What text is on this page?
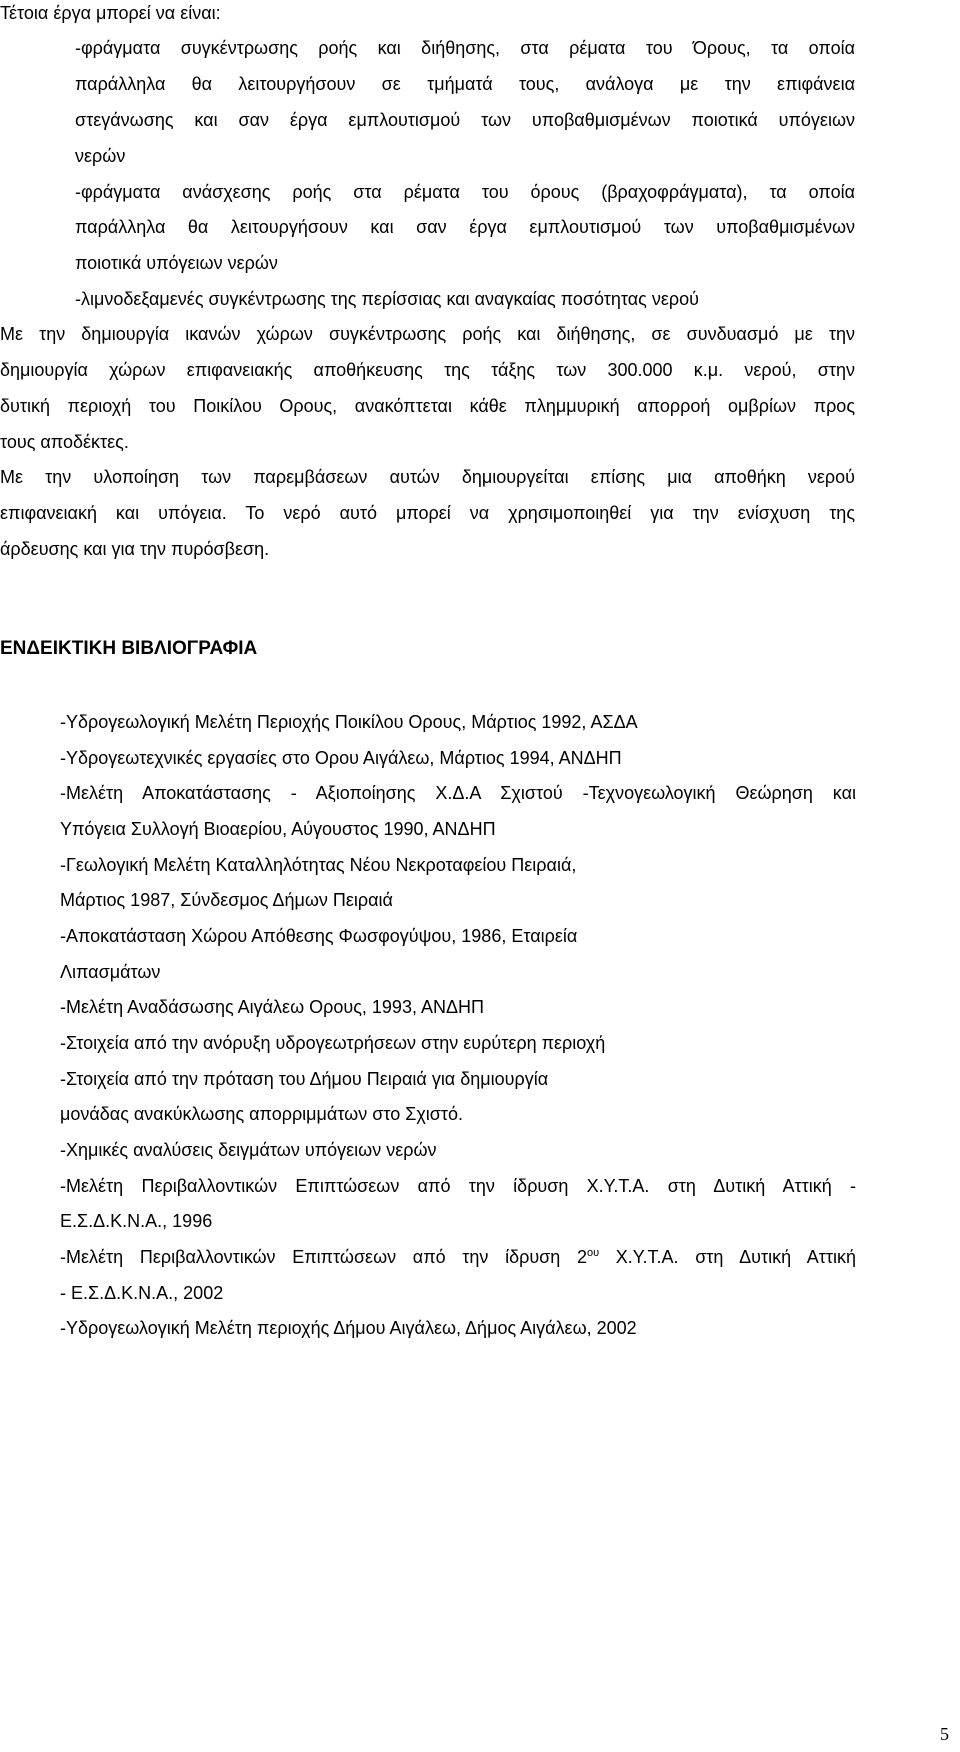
Τέτοια έργα μπορεί να είναι:
-φράγματα συγκέντρωσης ροής και διήθησης, στα ρέματα του Όρους, τα οποία
παράλληλα θα λειτουργήσουν σε τμήματά τους, ανάλογα με την επιφάνεια
στεγάνωσης και σαν έργα εμπλουτισμού των υποβαθμισμένων ποιοτικά υπόγειων
νερών
-φράγματα ανάσχεσης ροής στα ρέματα του όρους (βραχοφράγματα), τα οποία
παράλληλα θα λειτουργήσουν και σαν έργα εμπλουτισμού των υποβαθμισμένων
ποιοτικά υπόγειων νερών
-λιμνοδεξαμενές συγκέντρωσης της περίσσιας και αναγκαίας ποσότητας νερού
Με την δημιουργία ικανών χώρων συγκέντρωσης ροής και διήθησης, σε συνδυασμό με την
δημιουργία χώρων επιφανειακής αποθήκευσης της τάξης των 300.000 κ.μ. νερού, στην
δυτική περιοχή του Ποικίλου Ορους, ανακόπτεται κάθε πλημμυρική απορροή ομβρίων προς
τους αποδέκτες.
Με την υλοποίηση των παρεμβάσεων αυτών δημιουργείται επίσης μια αποθήκη νερού
επιφανειακή και υπόγεια. Το νερό αυτό μπορεί να χρησιμοποιηθεί για την ενίσχυση της
άρδευσης και για την πυρόσβεση.
ΕΝΔΕΙΚΤΙΚΗ ΒΙΒΛΙΟΓΡΑΦΙΑ
-Υδρογεωλογική Μελέτη Περιοχής Ποικίλου Ορους, Μάρτιος 1992, ΑΣΔΑ
-Υδρογεωτεχνικές εργασίες στο Ορου Αιγάλεω, Μάρτιος 1994, ΑΝΔΗΠ
-Μελέτη Αποκατάστασης - Αξιοποίησης Χ.Δ.Α Σχιστού -Τεχνογεωλογική Θεώρηση και
Υπόγεια Συλλογή Βιοαερίου, Αύγουστος 1990, ΑΝΔΗΠ
-Γεωλογική Μελέτη Καταλληλότητας Νέου Νεκροταφείου Πειραιά,
Μάρτιος 1987, Σύνδεσμος Δήμων Πειραιά
-Αποκατάσταση Χώρου Απόθεσης Φωσφογύψου, 1986, Εταιρεία
Λιπασμάτων
-Μελέτη Αναδάσωσης Αιγάλεω Ορους, 1993, ΑΝΔΗΠ
-Στοιχεία από την ανόρυξη υδρογεωτρήσεων στην ευρύτερη περιοχή
-Στοιχεία από την πρόταση του Δήμου Πειραιά για δημιουργία
μονάδας ανακύκλωσης απορριμμάτων στο Σχιστό.
-Χημικές αναλύσεις δειγμάτων υπόγειων νερών
-Μελέτη Περιβαλλοντικών Επιπτώσεων από την ίδρυση Χ.Υ.Τ.Α. στη Δυτική Αττική -
Ε.Σ.Δ.Κ.Ν.Α., 1996
-Μελέτη Περιβαλλοντικών Επιπτώσεων από την ίδρυση $2^{o\upsilon}$ Χ.Υ.Τ.Α. στη Δυτική Αττική
- Ε.Σ.Δ.Κ.Ν.Α., 2002
-Υδρογεωλογική Μελέτη περιοχής Δήμου Αιγάλεω, Δήμος Αιγάλεω, 2002
5
